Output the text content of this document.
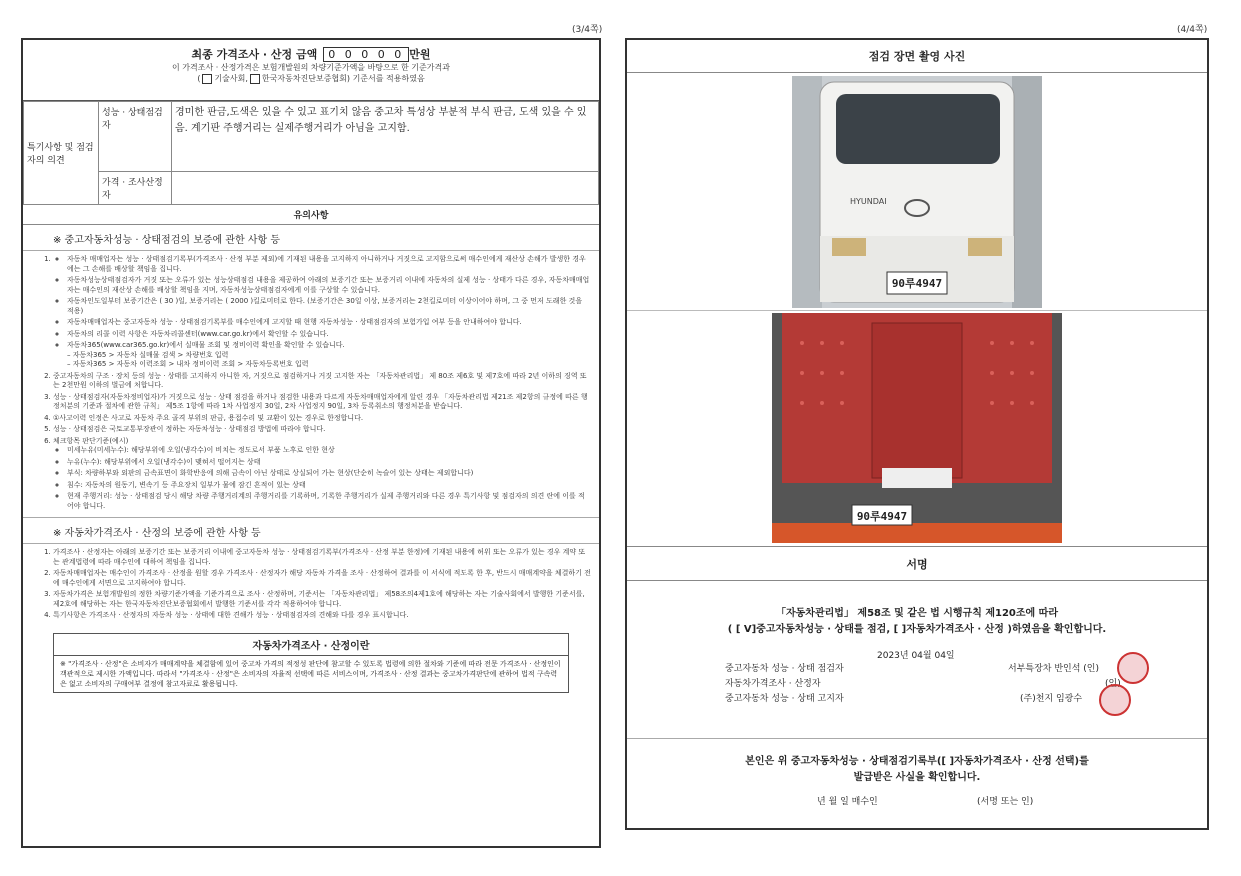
(3/4쪽)	(4/4쪽)
최종 가격조사 · 산정 금액 0 0 0 0 0 만원
이 가격조사 · 산정가격은 보험개발원의 차량기준가액을 바탕으로 한 기준가격과
( 기술사회, 한국자동차진단보증협회) 기준서를 적용하였음
특기사항 및 점검자의 의견	성능 · 상태점검자	경미한 판금,도색은 있을 수 있고 표기치 않음 중고차 특성상 부분적 부식 판금, 도색 있을 수 있음. 계기판 주행거리는 실제주행거리가 아님을 고지함.
	가격 · 조사산정자	
유의사항
※ 중고자동차성능 · 상태점검의 보증에 관한 사항 등
◦ 1. 자동차 매매업자는 성능 · 상태점검기록부(가격조사 · 산정 부분 제외)에 기재된 내용을 고지하지 아니하거나 거짓으로 고지함으로써 매수인에게 재산상 손해가 발생한 경우에는 그 손해를 배상할 책임을 집니다.
◦ 자동차성능상태점검자가 거짓 또는 오류가 있는 성능상태점검 내용을 제공하여 아래의 보증기간 또는 보증거리 이내에 자동차의 실제 성능 · 상태가 다른 경우, 자동차매매업자는 매수인의 재산상 손해를 배상할 책임을 지며, 자동차성능상태점검자에게 이를 구상할 수 있습니다.
◦ 자동차인도일부터 보증기간은 ( 30 )일, 보증거리는 ( 2000 )킬로미터로 한다. (보증기간은 30일 이상, 보증거리는 2천킬로미터 이상이어야 하며, 그 중 먼저 도래한 것을 적용)
◦ 자동차매매업자는 중고자동차 성능 · 상태점검기록부를 매수인에게 고지할 때 현행 자동차성능 · 상태점검자의 보험가입 여부 등을 안내하여야 합니다.
◦ 자동차의 리콜 이력 사항은 자동차리콜센터(www.car.go.kr)에서 확인할 수 있습니다.
◦ 자동차365(www.car365.go.kr)에서 실매물 조회 및 정비이력 확인을 확인할 수 있습니다.
– 자동차365 > 자동차 실매물 검색 > 차량번호 입력
– 자동차365 > 자동차 이력조회 > 내차 정비이력 조회 > 자동차등록번호 입력
2. 중고자동차의 구조 · 장치 등의 성능 · 상태를 고지하지 아니한 자, 거짓으로 점검하거나 거짓 고지한 자는 「자동차관리법」 제 80조 제6호 및 제7호에 따라 2년 이하의 징역 또는 2천만원 이하의 벌금에 처합니다.
3. 성능 · 상태점검자(자동차정비업자)가 거짓으로 성능 · 상태 점검을 하거나 점검한 내용과 다르게 자동차매매업자에게 알린 경우 「자동차관리법 제21조 제2항의 규정에 따른 행정처분의 기준과 절차에 관한 규칙」 제5조 1항에 따라 1차 사업정지 30일, 2차 사업정지 90일, 3차 등록취소의 행정처분을 받습니다.
4. ①사고이력 인정은 사고로 자동차 주요 골격 부위의 판금, 용접수리 및 교환이 있는 경우로 한정합니다.
5. 성능 · 상태점검은 국토교통부장관이 정하는 자동차성능 · 상태점검 방법에 따라야 합니다.
6. 체크항목 판단기준(예시)
◦ 미세누유(미세누수): 해당부위에 오일(냉각수)이 비치는 정도로서 부품 노후로 인한 현상
◦ 누유(누수): 해당부위에서 오일(냉각수)이 맺혀서 떨어지는 상태
◦ 부식: 차량하부와 외판의 금속표면이 화학반응에 의해 금속이 아닌 상태로 상실되어 가는 현상(단순히 녹슬어 있는 상태는 제외합니다)
◦ 침수: 자동차의 원동기, 변속기 등 주요장치 일부가 물에 잠긴 흔적이 있는 상태
◦ 현재 주행거리: 성능 · 상태점검 당시 해당 차량 주행거리계의 주행거리를 기록하며, 기록한 주행거리가 실제 주행거리와 다른 경우 특기사항 및 점검자의 의견 란에 이를 적어야 합니다.
※ 자동차가격조사 · 산정의 보증에 관한 사항 등
1. 가격조사 · 산정자는 아래의 보증기간 또는 보증거리 이내에 중고자동차 성능 · 상태점검기록부(가격조사 · 산정 부분 한정)에 기재된 내용에 허위 또는 오류가 있는 경우 계약 또는 관계법령에 따라 매수인에 대하여 책임을 집니다.
2. 자동차매매업자는 매수인이 가격조사 · 산정을 원할 경우 가격조사 · 산정자가 해당 자동차 가격을 조사 · 산정하여 결과를 이 서식에 적도록 한 후, 반드시 매매계약을 체결하기 전에 매수인에게 서면으로 고지하여야 합니다.
3. 자동차가격은 보험개발원의 정한 차량기준가액을 기준가격으로 조사 · 산정하며, 기준서는 「자동차관리법」 제58조의4제1호에 해당하는 자는 기술사회에서 발행한 기준서를, 제2호에 해당하는 자는 한국자동차진단보증협회에서 발행한 기준서를 각각 적용하여야 합니다.
4. 특기사항은 가격조사 · 산정자의 자동차 성능 · 상태에 대한 견해가 성능 · 상태점검자의 견해와 다를 경우 표시합니다.
자동차가격조사 · 산정이란
※ "가격조사 · 산정"은 소비자가 매매계약을 체결함에 있어 중고차 가격의 적정성 판단에 참고할 수 있도록 법령에 의한 절차와 기준에 따라 전문 가격조사 · 산정인이 객관적으로 제시한 가액입니다. 따라서 "가격조사 · 산정"은 소비자의 자율적 선택에 따른 서비스이며, 가격조사 · 산정 결과는 중고차가격판단에 관하여 법적 구속력은 없고 소비자의 구매여부 결정에 참고자료로 활용됩니다.
점검 장면 촬영 사진
HYUNDAI
90루4947
90루4947
서명
「자동차관리법」 제58조 및 같은 법 시행규칙 제120조에 따라
( [ V]중고자동차성능 · 상태를 점검, [ ]자동차가격조사 · 산정 )하였음을 확인합니다.
2023년 04월 04일
중고자동차 성능 · 상태 점검자	서부특장차 반인석 (인)
자동차가격조사 · 산정자	(인)
중고자동차 성능 · 상태 고지자	(주)천지 임광수
본인은 위 중고자동차성능 · 상태점검기록부([ ]자동차가격조사 · 산정 선택)를
발급받은 사실을 확인합니다.
년 월 일 매수인	(서명 또는 인)
